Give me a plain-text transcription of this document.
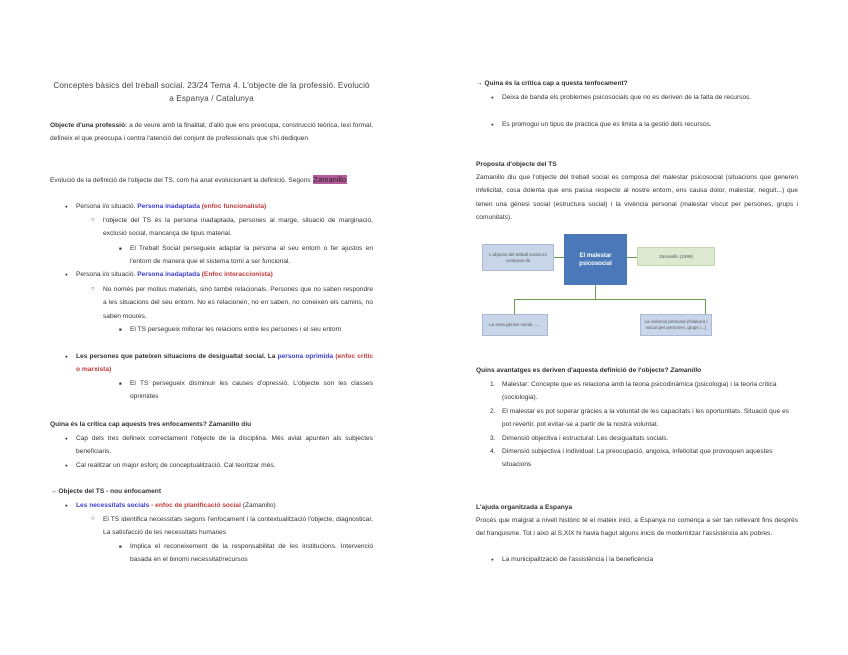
Conceptes bàsics del treball social. 23/24 Tema 4. L'objecte de la professió. Evolució a Espanya / Catalunya
Objecte d'una professió: a de veure amb la finalitat, d'allò que ens preocupa, construcció teòrica, lexi formal, defineix el que preocupa i centra l'atenció del conjunt de professionals que s'hi dediquen
Evolució de la definició de l'objecte del TS, com ha anat evolucionant la definició. Segons Zamanillo
● Persona i/o situació. Persona inadaptada (enfoc funcionalista)
○ l'objecte del TS és la persona inadaptada, persones al marge, situació de marginació, exclusió social, mancança de tipus material.
■ El Treball Social persegueix adaptar la persona al seu entorn o fer ajustos en l'entorn de manera que el sistema torni a ser funcional.
● Persona i/o situació. Persona inadaptada (Enfoc interaccionista)
○ No només per motius materials, sinó també relacionals. Persones que no saben respondre a les situacions del seu entorn. No es relacionen, no en saben, no coneixen els camins, no saben moures.
■ El TS persegueix millorar les relacions entre les persones i el seu entorn
● Les persones que pateixen situacions de desigualtat social. La persona oprimida (enfoc crític o marxista)
■ El TS persegueix disminuir les causes d'opressió. L'objecte son les classes oprimides
Quina és la crítica cap aquests tres enfocaments? Zamanillo diu
● Cap dels tres defineix correctament l'objecte de la disciplina. Més aviat apunten als subjectes beneficiaris.
● Cal realitzar un major esforç de conceptualització. Cal teoritzar més.
→ Objecte del TS - nou enfocament
● Les necessitats socials - enfoc de planificació social (Zamanillo)
○ El TS identifica necessitats segons l'enfocament i la contextualització l'objecte, diagnosticar. La satisfacció de les necessitats humanes
■ Implica el reconeixement de la responsabilitat de les institucions. Intervenció basada en el binomi necessitat/recursos
→ Quina és la crítica cap a questa tenfocament?
● Deixa de banda els problemes psicosocials que no es deriven de la falta de recursos.
● Es promogui un tipus de pràctica que es limita a la gestió dels recursos.
Proposta d'objecte del TS
Zamanillo diu que l'objecte del treball social es composa del malestar psicosocial (situacions que generen infelicitat, cosa dolenta que ens passa respecte al nostre entorn, ens causa dolor, malestar, neguit...) que tenen una gènesi social (estructura social) i la vivència personal (malestar viscut per persones, grups i comunitats).
L'objecte del treball social es composa de
El malestar psicosocial
Zamanillo (1999)
La seva gènesi social ......
La vivència personal (l'elabora i viscut per persones, grups i...)
Quins avantatges es deriven d'aquesta definició de l'objecte? Zamanillo
1. Malestar: Concepte que es relaciona amb la teoria psicodinàmica (psicologia) i la teoria crítica (sociologia).
2. El malestar es pot superar gràcies a la voluntat de les capacitats i les oportunitats. Situació que es pot revertir, pot evitar-se a partir de la nostra voluntat.
3. Dimensió objectiva i estructural: Les desigualtats socials.
4. Dimensió subjectiva i individual: La preocupació, angoixa, infelicitat que provoquen aquestes situacions
L'ajuda organitzada a Espanya
Procés que malgrat a nivell històric té el mateix inici, a Espanya no comença a ser tan rellevant fins després del franquisme. Tot i això al S.XIX hi havia hagut alguns inicis de modernitzar l'assistència als pobres.
● La municipalització de l'assistència i la beneficència
